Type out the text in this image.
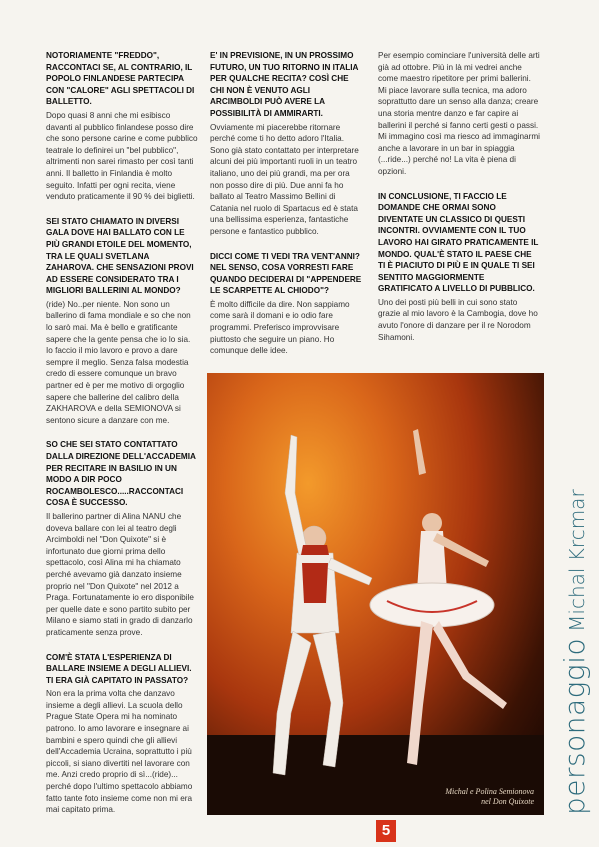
NOTORIAMENTE "FREDDO", RACCONTACI SE, AL CONTRARIO, IL POPOLO FINLANDESE PARTECIPA CON "CALORE" AGLI SPETTACOLI DI BALLETTO.
Dopo quasi 8 anni che mi esibisco davanti al pubblico finlandese posso dire che sono persone carine e come pubblico teatrale lo definirei un "bel pubblico", altrimenti non sarei rimasto per così tanti anni. Il balletto in Finlandia è molto seguito. Infatti per ogni recita, viene venduto praticamente il 90 % dei biglietti.
SEI STATO CHIAMATO IN DIVERSI GALA DOVE HAI BALLATO CON LE PIÙ GRANDI ETOILE DEL MOMENTO, TRA LE QUALI SVETLANA ZAHAROVA. CHE SENSAZIONI PROVI AD ESSERE CONSIDERATO TRA I MIGLIORI BALLERINI AL MONDO?
(ride) No..per niente. Non sono un ballerino di fama mondiale e so che non lo sarò mai. Ma è bello e gratificante sapere che la gente pensa che io lo sia. Io faccio il mio lavoro e provo a dare sempre il meglio. Senza falsa modestia credo di essere comunque un bravo partner ed è per me motivo di orgoglio sapere che ballerine del calibro della ZAKHAROVA e della SEMIONOVA si sentono sicure a danzare con me.
SO CHE SEI STATO CONTATTATO DALLA DIREZIONE DELL'ACCADEMIA PER RECITARE IN BASILIO IN UN MODO A DIR POCO ROCAMBOLESCO.....RACCONTACI COSA È SUCCESSO.
Il ballerino partner di Alina NANU che doveva ballare con lei al teatro degli Arcimboldi nel "Don Quixote" si è infortunato due giorni prima dello spettacolo, così Alina mi ha chiamato perché avevamo già danzato insieme proprio nel "Don Quixote" nel 2012 a Praga. Fortunatamente io ero disponibile per quelle date e sono partito subito per Milano e siamo stati in grado di danzarlo praticamente senza prove.
COM'È STATA L'ESPERIENZA DI BALLARE INSIEME A DEGLI ALLIEVI. TI ERA GIÀ CAPITATO IN PASSATO?
Non era la prima volta che danzavo insieme a degli allievi. La scuola dello Prague State Opera mi ha nominato patrono. Io amo lavorare e insegnare ai bambini e spero quindi che gli allievi dell'Accademia Ucraina, soprattutto i più piccoli, si siano divertiti nel lavorare con me. Anzi credo proprio di sì...(ride)... perché dopo l'ultimo spettacolo abbiamo fatto tante foto insieme come non mi era mai capitato prima.
E' IN PREVISIONE, IN UN PROSSIMO FUTURO, UN TUO RITORNO IN ITALIA PER QUALCHE RECITA? COSÌ CHE CHI NON È VENUTO AGLI ARCIMBOLDI PUÒ AVERE LA POSSIBILITÀ DI AMMIRARTI.
Ovviamente mi piacerebbe ritornare perché come ti ho detto adoro l'Italia. Sono già stato contattato per interpretare alcuni dei più importanti ruoli in un teatro italiano, uno dei più grandi, ma per ora non posso dire di più. Due anni fa ho ballato al Teatro Massimo Bellini di Catania nel ruolo di Spartacus ed è stata una bellissima esperienza, fantastiche persone e fantastico pubblico.
DICCI COME TI VEDI TRA VENT'ANNI? NEL SENSO, COSA VORRESTI FARE QUANDO DECIDERAI DI "APPENDERE LE SCARPETTE AL CHIODO"?
È molto difficile da dire. Non sappiamo come sarà il domani e io odio fare programmi. Preferisco improvvisare piuttosto che seguire un piano. Ho comunque delle idee.
Per esempio cominciare l'università delle arti già ad ottobre. Più in là mi vedrei anche come maestro ripetitore per primi ballerini. Mi piace lavorare sulla tecnica, ma adoro soprattutto dare un senso alla danza; creare una storia mentre danzo e far capire ai ballerini il perché si fanno certi gesti o passi. Mi immagino così ma riesco ad immaginarmi anche a lavorare in un bar in spiaggia (...ride...) perché no! La vita è piena di opzioni.
IN CONCLUSIONE, TI FACCIO LE DOMANDE CHE ORMAI SONO DIVENTATE UN CLASSICO DI QUESTI INCONTRI. OVVIAMENTE CON IL TUO LAVORO HAI GIRATO PRATICAMENTE IL MONDO. QUAL'È STATO IL PAESE CHE TI È PIACIUTO DI PIÙ E IN QUALE TI SEI SENTITO MAGGIORMENTE GRATIFICATO A LIVELLO DI PUBBLICO.
Uno dei posti più belli in cui sono stato grazie al mio lavoro è la Cambogia, dove ho avuto l'onore di danzare per il re Norodom Sihamoni.
Michal e Polina Semionova
nel Don Quixote personaggioMichal Krcmar
5
